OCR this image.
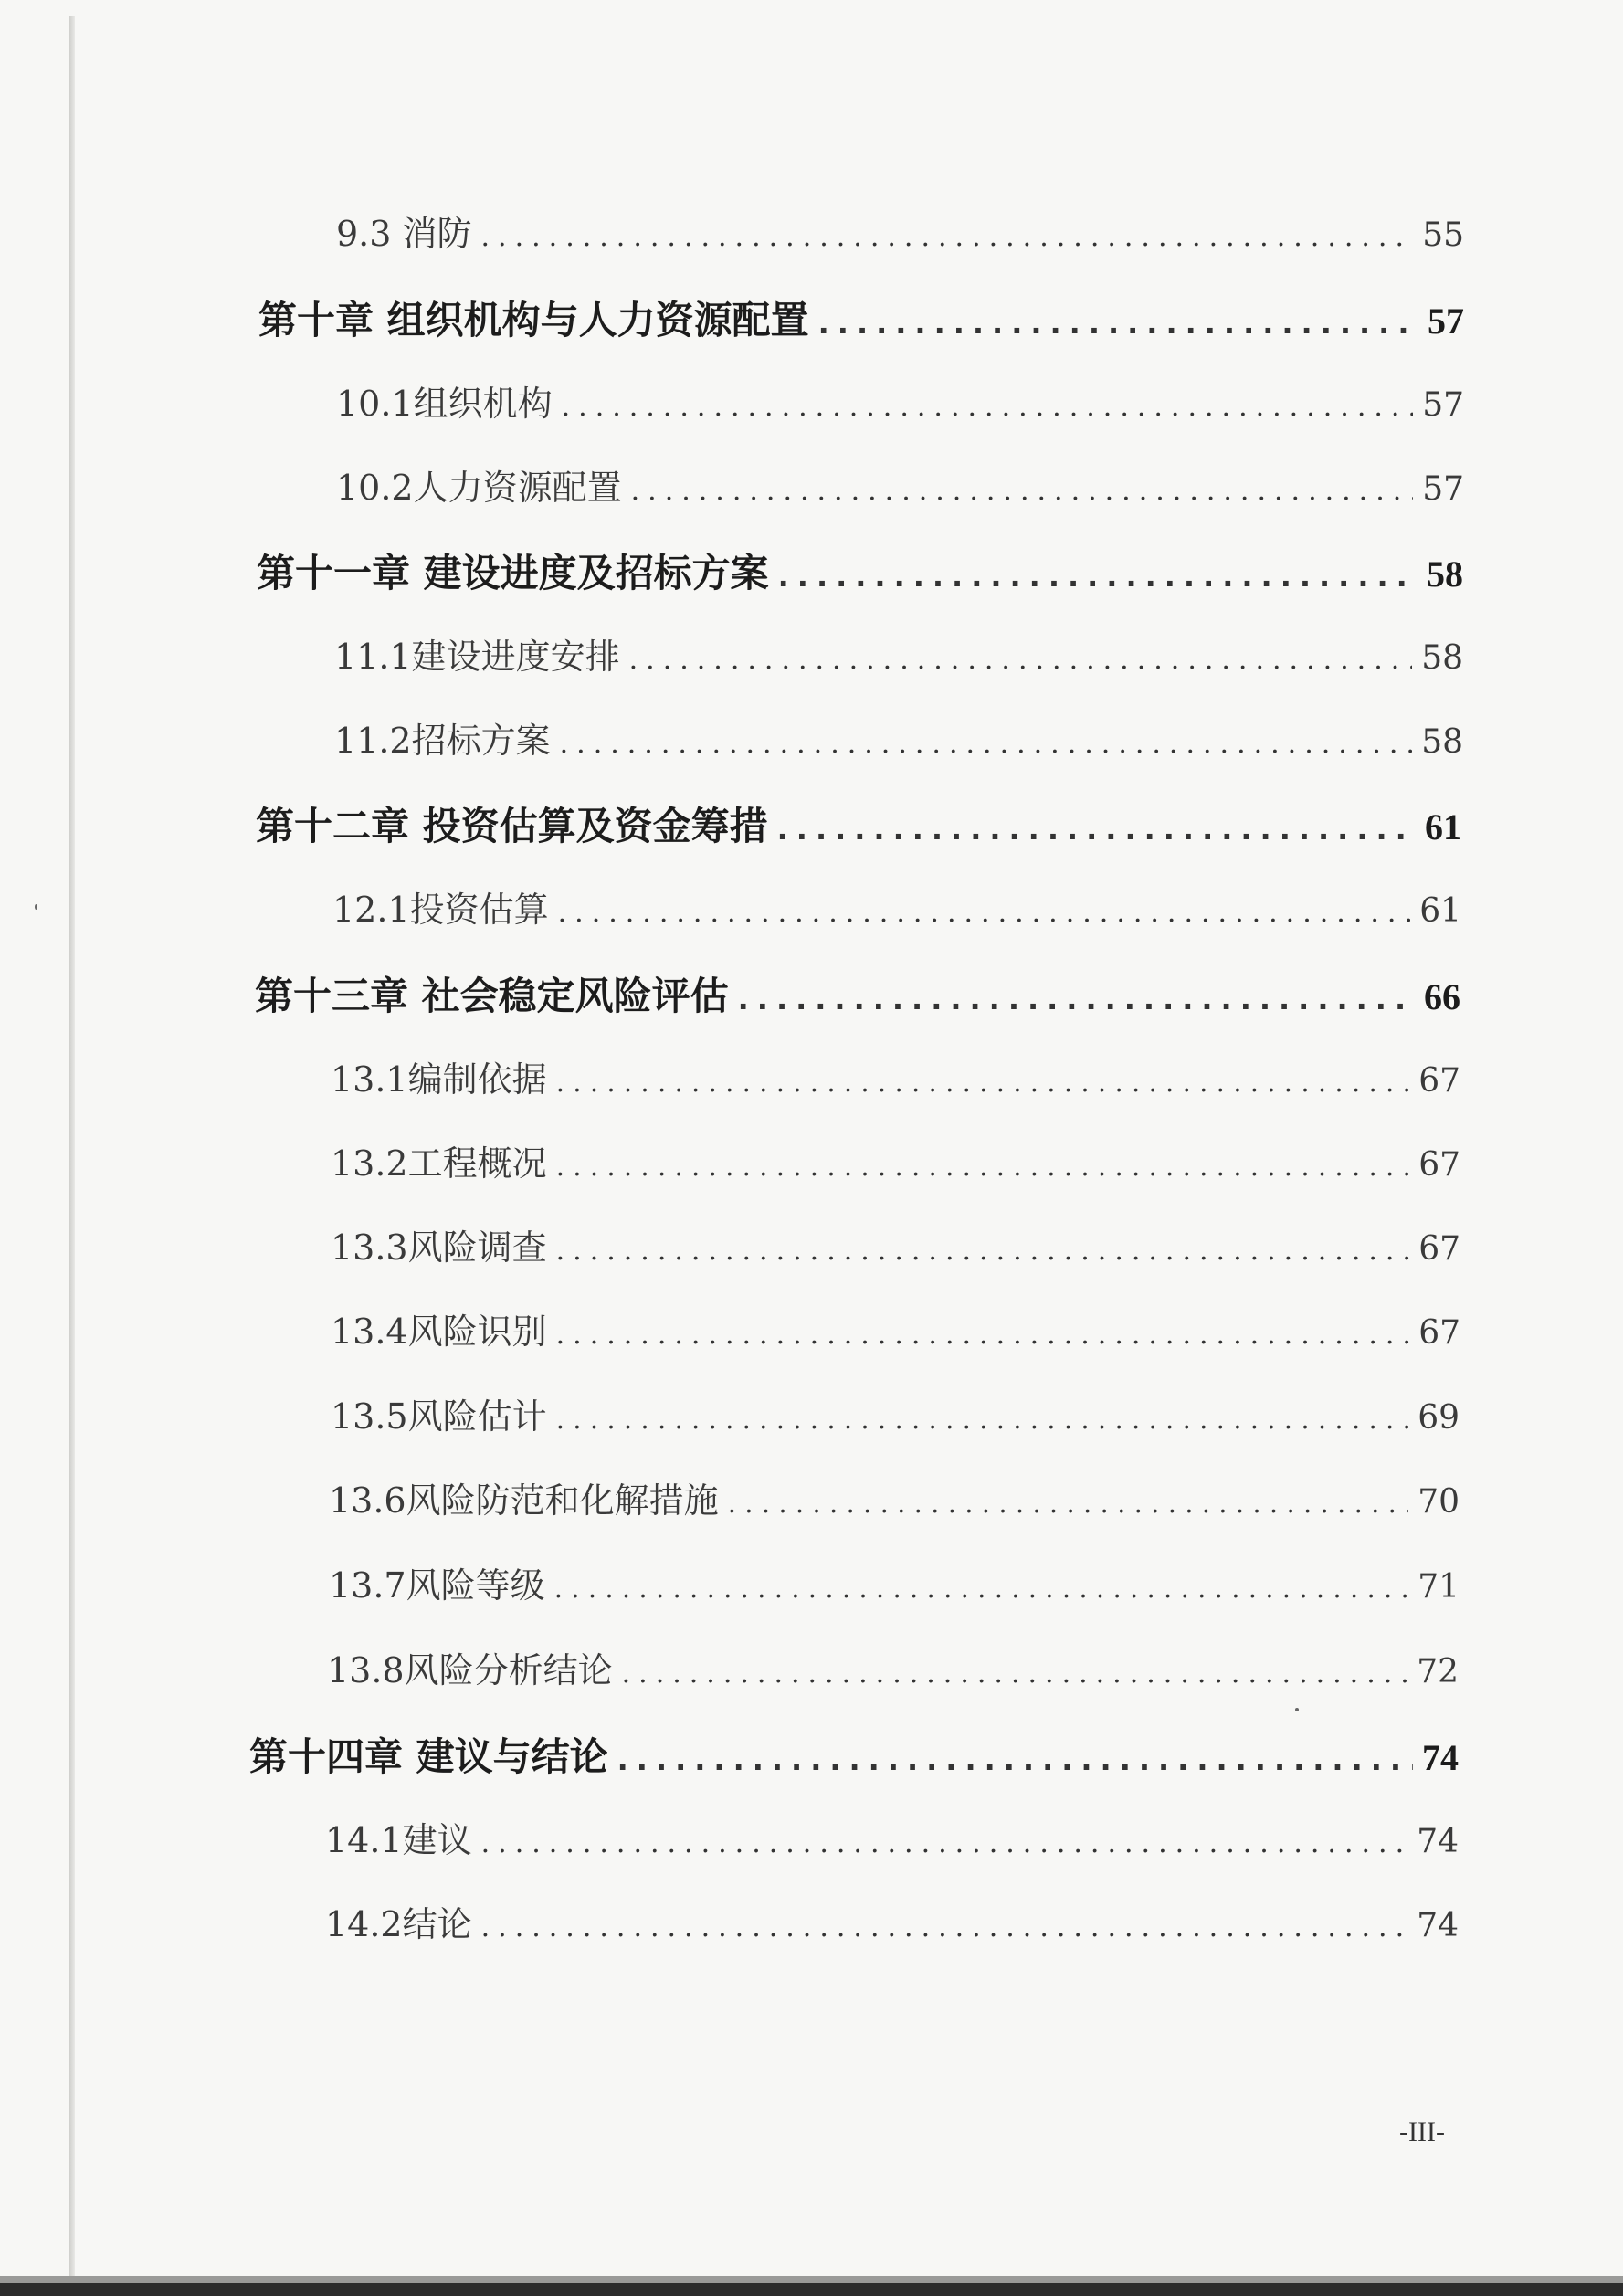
9.3 消防 .....	55
第十章 组织机构与人力资源配置 .....	57
10.1组织机构 .....	57
10.2人力资源配置 .....	57
第十一章 建设进度及招标方案 .....	58
11.1建设进度安排 .....	58
11.2招标方案 .....	58
第十二章 投资估算及资金筹措 .....	61
12.1投资估算 .....	61
第十三章 社会稳定风险评估 .....	66
13.1编制依据 .....	67
13.2工程概况 .....	67
13.3风险调查 .....	67
13.4风险识别 .....	67
13.5风险估计 .....	69
13.6风险防范和化解措施 .....	70
13.7风险等级 .....	71
13.8风险分析结论 .....	72
第十四章 建议与结论 .....	74
14.1建议 .....	74
14.2结论 .....	74
-III-
